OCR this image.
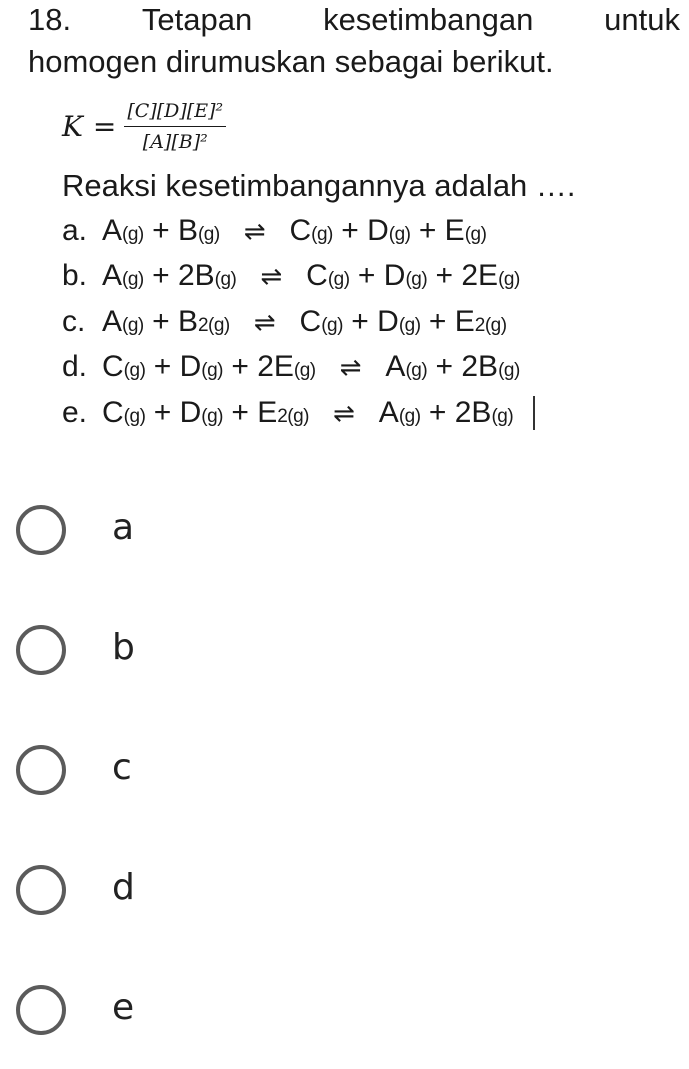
18. Tetapan kesetimbangan untuk
homogen dirumuskan sebagai berikut.
$K = \frac{\text{[C][D][E]²}}{\text{[A][B]²}}$
Reaksi kesetimbangannya adalah ….
a. A (g) + B (g) ⇌ C (g) + D (g) + E (g)
b. A (g) + 2B (g) ⇌ C (g) + D (g) + 2E (g)
c. A (g) + B 2(g) ⇌ C (g) + D (g) + E 2(g)
d. C (g) + D (g) + 2E (g) ⇌ A (g) + 2B (g)
e. C (g) + D (g) + E 2(g) ⇌ A (g) + 2B (g)
a
b
c
d
e
